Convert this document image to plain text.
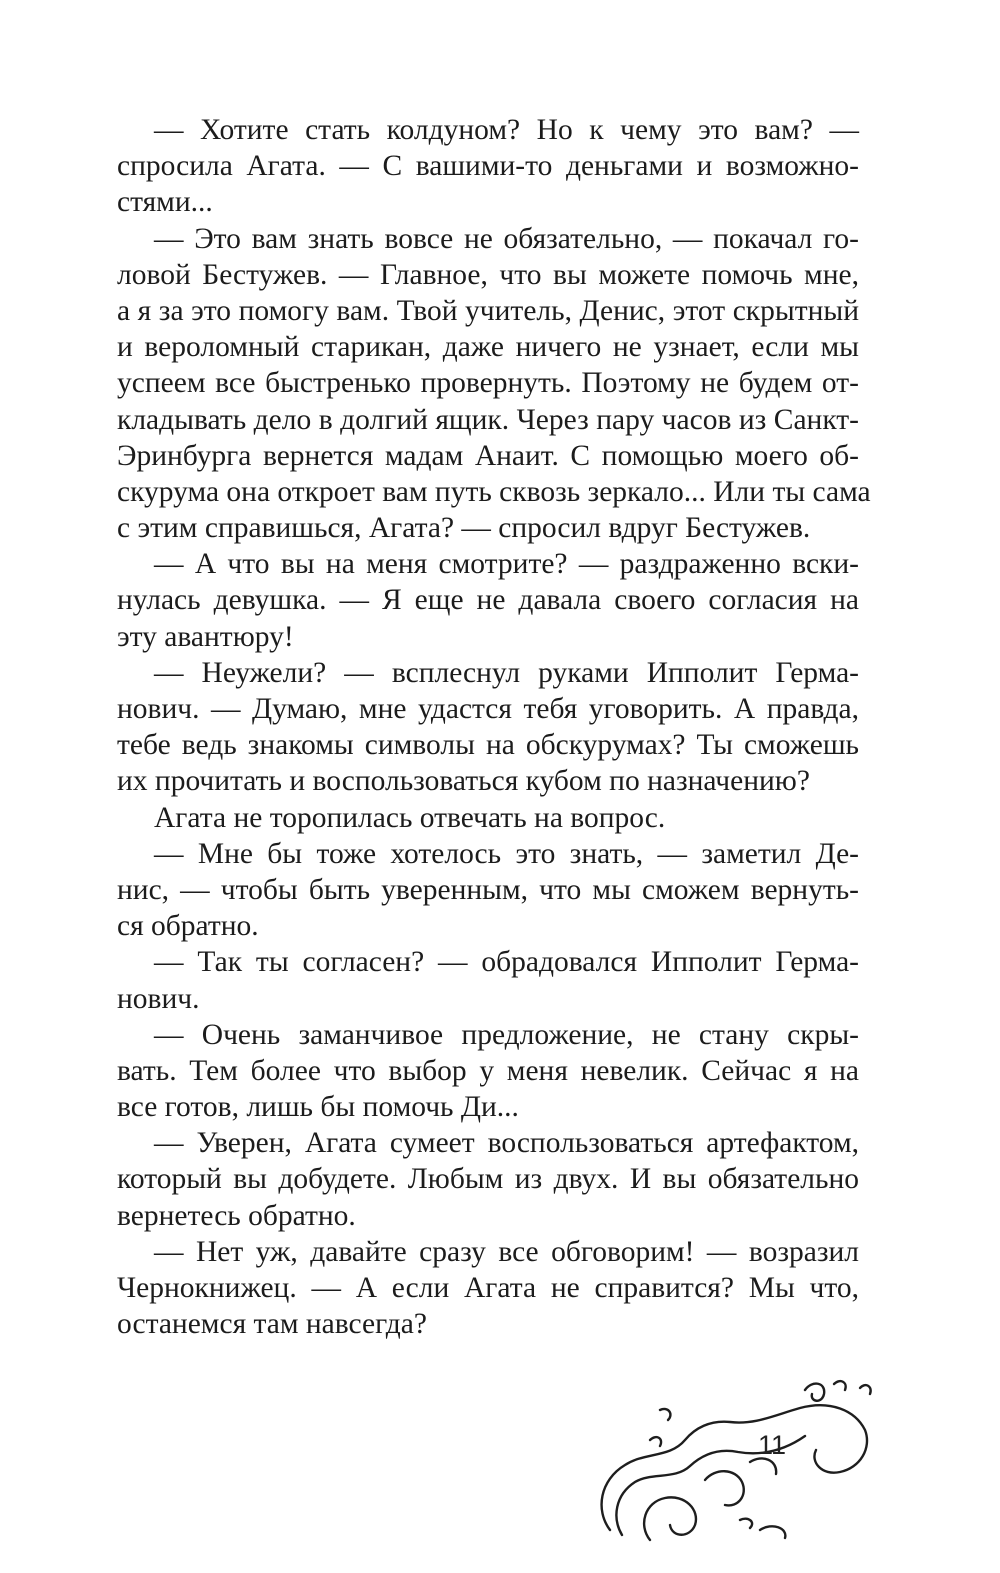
— Хотите стать колдуном? Но к чему это вам? —
спросила Агата. — С вашими-то деньгами и возможно-
стями...
— Это вам знать вовсе не обязательно, — покачал го-
ловой Бестужев. — Главное, что вы можете помочь мне,
а я за это помогу вам. Твой учитель, Денис, этот скрытный
и вероломный старикан, даже ничего не узнает, если мы
успеем все быстренько провернуть. Поэтому не будем от-
кладывать дело в долгий ящик. Через пару часов из Санкт-
Эринбурга вернется мадам Анаит. С помощью моего об-
скурума она откроет вам путь сквозь зеркало... Или ты сама
с этим справишься, Агата? — спросил вдруг Бестужев.
— А что вы на меня смотрите? — раздраженно вски-
нулась девушка. — Я еще не давала своего согласия на
эту авантюру!
— Неужели? — всплеснул руками Ипполит Герма-
нович. — Думаю, мне удастся тебя уговорить. А правда,
тебе ведь знакомы символы на обскурумах? Ты сможешь
их прочитать и воспользоваться кубом по назначению?
Агата не торопилась отвечать на вопрос.
— Мне бы тоже хотелось это знать, — заметил Де-
нис, — чтобы быть уверенным, что мы сможем вернуть-
ся обратно.
— Так ты согласен? — обрадовался Ипполит Герма-
нович.
— Очень заманчивое предложение, не стану скры-
вать. Тем более что выбор у меня невелик. Сейчас я на
все готов, лишь бы помочь Ди...
— Уверен, Агата сумеет воспользоваться артефактом,
который вы добудете. Любым из двух. И вы обязательно
вернетесь обратно.
— Нет уж, давайте сразу все обговорим! — возразил
Чернокнижец. — А если Агата не справится? Мы что,
останемся там навсегда?
11
